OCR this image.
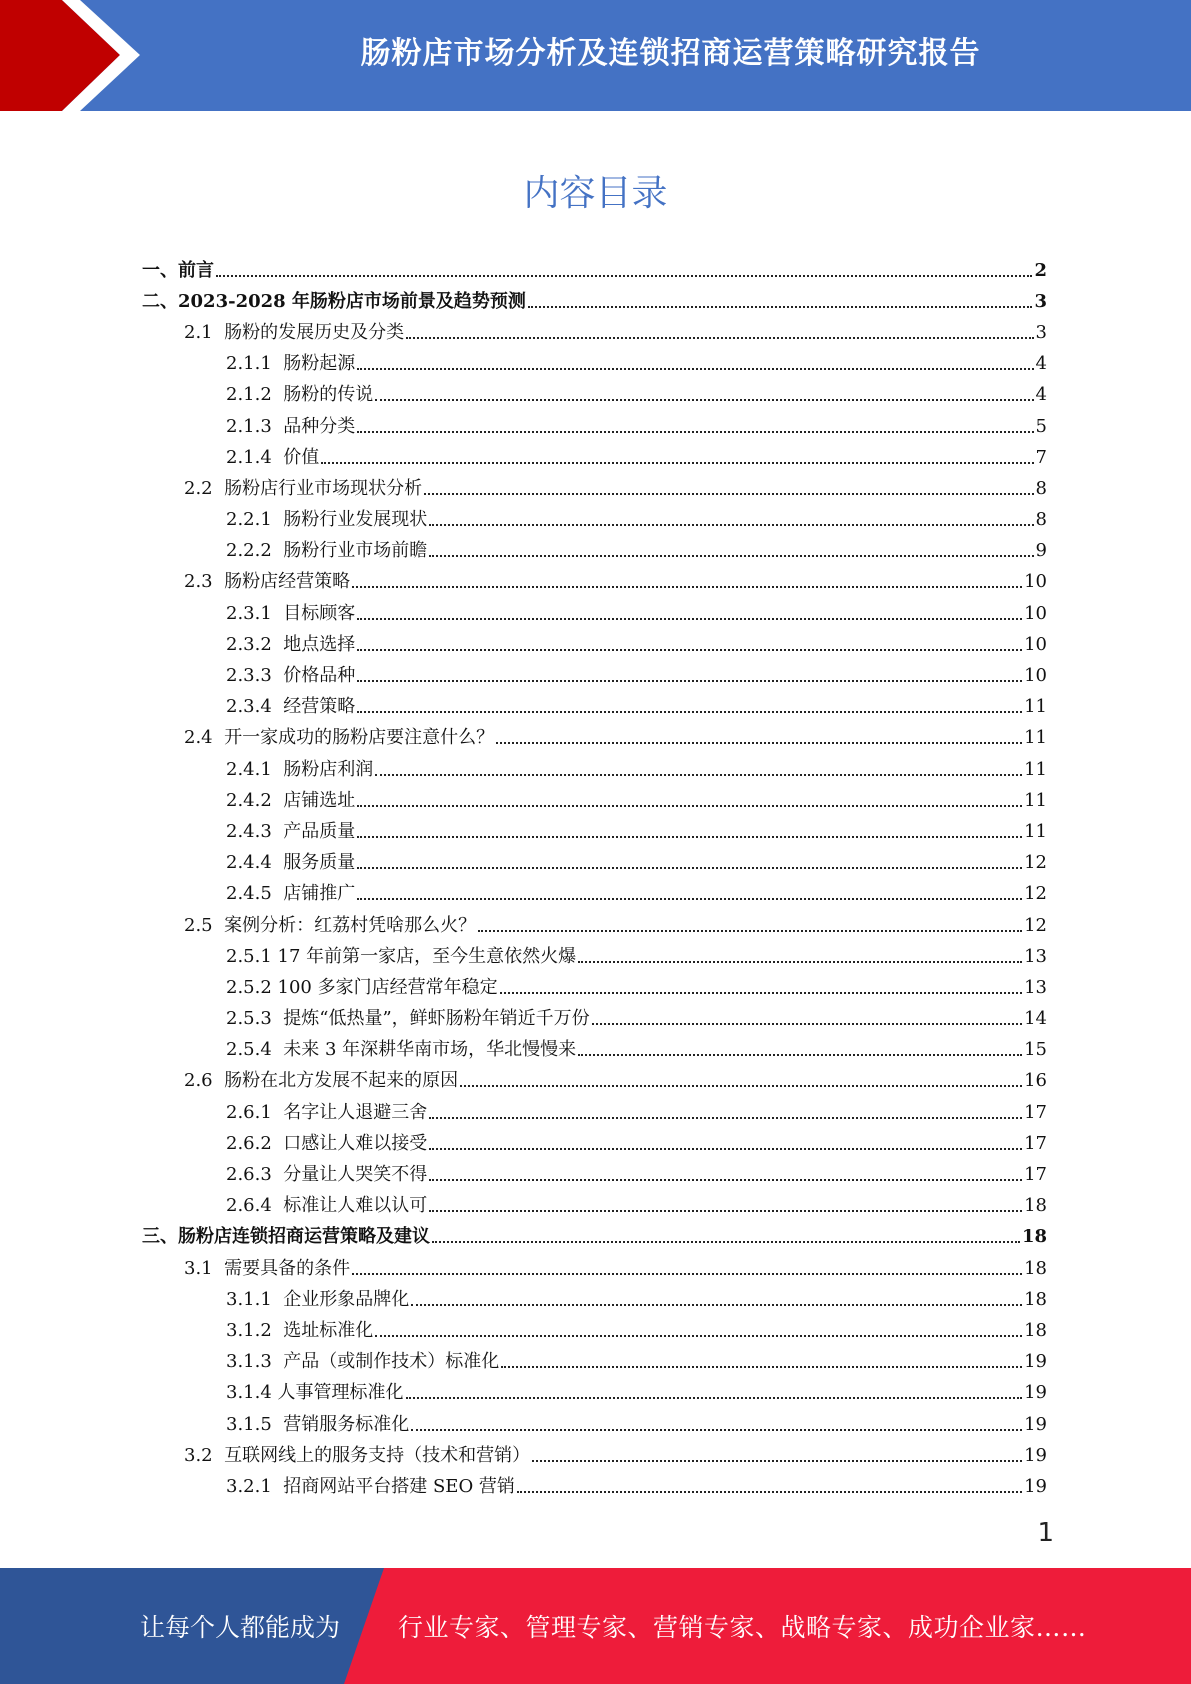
肠粉店市场分析及连锁招商运营策略研究报告
内容目录
一、 前言	2
二、 2023-2028 年肠粉店市场前景及趋势预测	3
2.1 肠粉的发展历史及分类	3
2.1.1 肠粉起源	4
2.1.2 肠粉的传说	4
2.1.3 品种分类	5
2.1.4 价值	7
2.2 肠粉店行业市场现状分析	8
2.2.1 肠粉行业发展现状	8
2.2.2 肠粉行业市场前瞻	9
2.3 肠粉店经营策略	10
2.3.1 目标顾客	10
2.3.2 地点选择	10
2.3.3 价格品种	10
2.3.4 经营策略	11
2.4 开一家成功的肠粉店要注意什么？	11
2.4.1 肠粉店利润	11
2.4.2 店铺选址	11
2.4.3 产品质量	11
2.4.4 服务质量	12
2.4.5 店铺推广	12
2.5 案例分析：红荔村凭啥那么火？	12
2.5.1 17 年前第一家店，至今生意依然火爆	13
2.5.2 100 多家门店经营常年稳定	13
2.5.3 提炼“低热量”，鲜虾肠粉年销近千万份	14
2.5.4 未来 3 年深耕华南市场，华北慢慢来	15
2.6 肠粉在北方发展不起来的原因	16
2.6.1 名字让人退避三舍	17
2.6.2 口感让人难以接受	17
2.6.3 分量让人哭笑不得	17
2.6.4 标准让人难以认可	18
三、 肠粉店连锁招商运营策略及建议	18
3.1 需要具备的条件	18
3.1.1 企业形象品牌化	18
3.1.2 选址标准化	18
3.1.3 产品（或制作技术）标准化	19
3.1.4 人事管理标准化	19
3.1.5 营销服务标准化	19
3.2 互联网线上的服务支持（技术和营销）	19
3.2.1 招商网站平台搭建 SEO 营销	19
1
让每个人都能成为 行业专家、管理专家、营销专家、战略专家、成功企业家……
